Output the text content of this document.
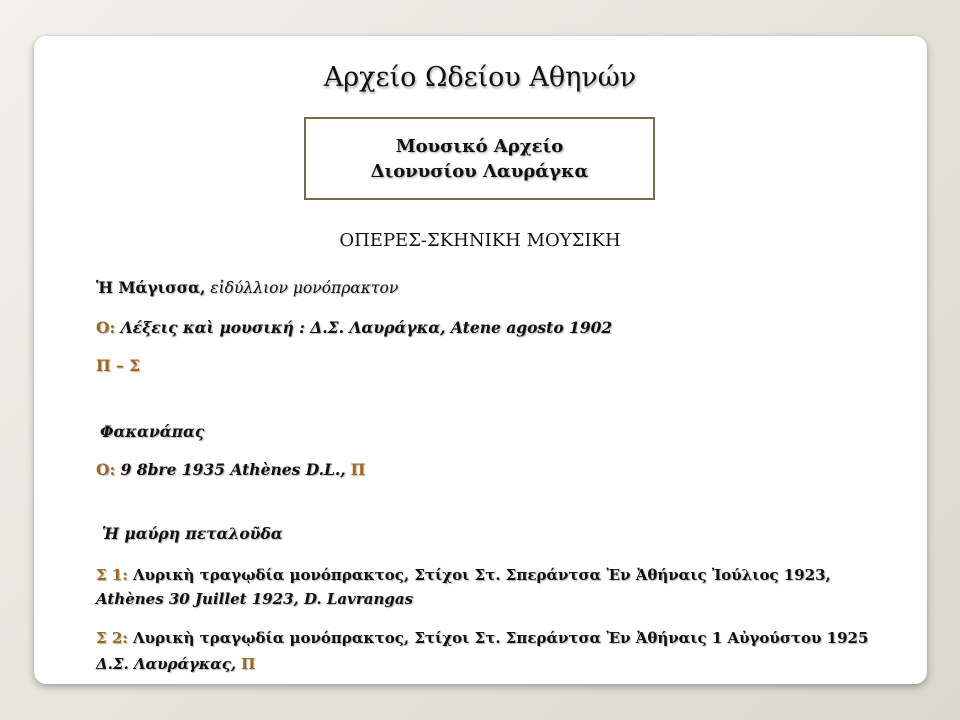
Αρχείο Ωδείου Αθηνών
Μουσικό Αρχείο
Διονυσίου Λαυράγκα
ΟΠΕΡΕΣ-ΣΚΗΝΙΚΗ ΜΟΥΣΙΚΗ
Ἡ Μάγισσα, εἰδύλλιον μονόπρακτον
Ο: Λέξεις καὶ μουσική : Δ.Σ. Λαυράγκα, Atene agosto 1902
Π – Σ
Φακανάπας
Ο: 9 8bre 1935 Athènes D.L., Π
Ἡ μαύρη πεταλοῦδα
Σ 1: Λυρικὴ τραγῳδία μονόπρακτος, Στίχοι Στ. Σπεράντσα Ἐν Ἀθήναις Ἰούλιος 1923,
Athènes 30 Juillet 1923, D. Lavrangas
Σ 2: Λυρικὴ τραγῳδία μονόπρακτος, Στίχοι Στ. Σπεράντσα Ἐν Ἀθήναις 1 Αὐγούστου 1925
Δ.Σ. Λαυράγκας, Π
